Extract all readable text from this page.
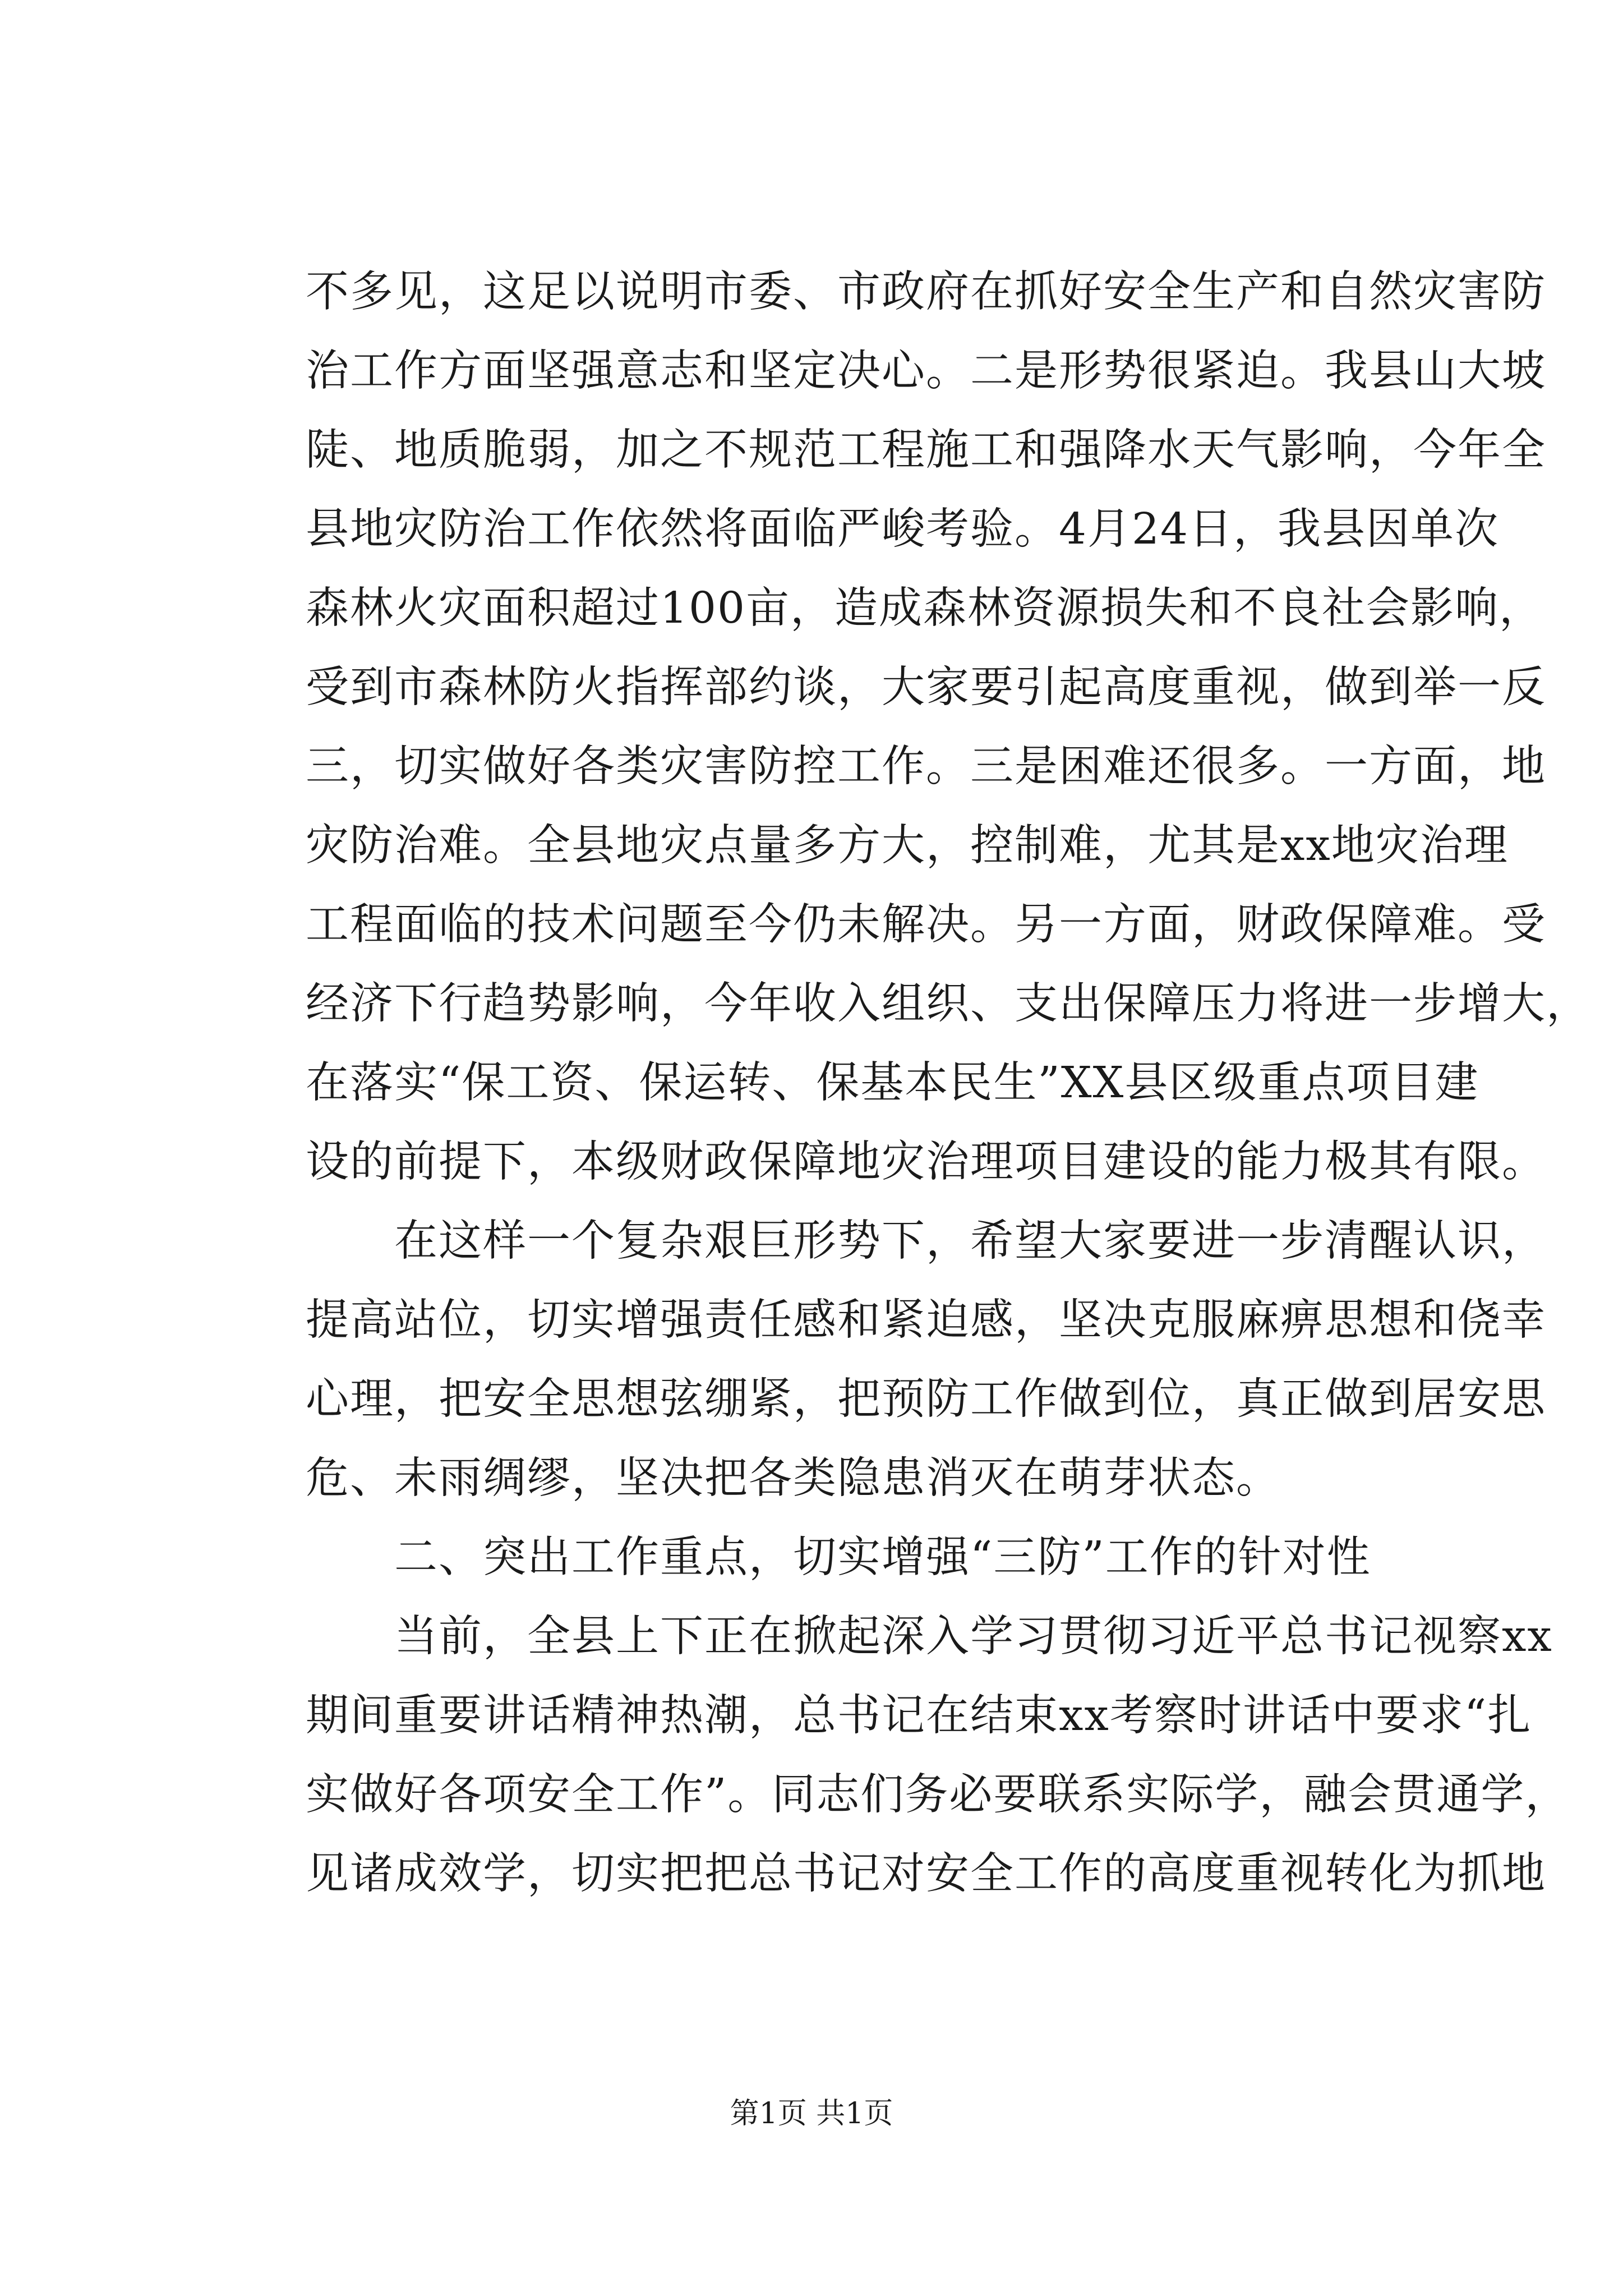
不多见，这足以说明市委、市政府在抓好安全生产和自然灾害防
治工作方面坚强意志和坚定决心。二是形势很紧迫。我县山大坡
陡、地质脆弱，加之不规范工程施工和强降水天气影响，今年全
县地灾防治工作依然将面临严峻考验。4月24日，我县因单次
森林火灾面积超过100亩，造成森林资源损失和不良社会影响，
受到市森林防火指挥部约谈，大家要引起高度重视，做到举一反
三，切实做好各类灾害防控工作。三是困难还很多。一方面，地
灾防治难。全县地灾点量多方大，控制难，尤其是xx地灾治理
工程面临的技术问题至今仍未解决。另一方面，财政保障难。受
经济下行趋势影响，今年收入组织、支出保障压力将进一步增大，
在落实“保工资、保运转、保基本民生”XX县区级重点项目建
设的前提下，本级财政保障地灾治理项目建设的能力极其有限。
在这样一个复杂艰巨形势下，希望大家要进一步清醒认识，
提高站位，切实增强责任感和紧迫感，坚决克服麻痹思想和侥幸
心理，把安全思想弦绷紧，把预防工作做到位，真正做到居安思
危、未雨绸缪，坚决把各类隐患消灭在萌芽状态。
二、突出工作重点，切实增强“三防”工作的针对性
当前，全县上下正在掀起深入学习贯彻习近平总书记视察xx
期间重要讲话精神热潮，总书记在结束xx考察时讲话中要求“扎
实做好各项安全工作”。同志们务必要联系实际学，融会贯通学，
见诸成效学，切实把把总书记对安全工作的高度重视转化为抓地
第1页 共1页
